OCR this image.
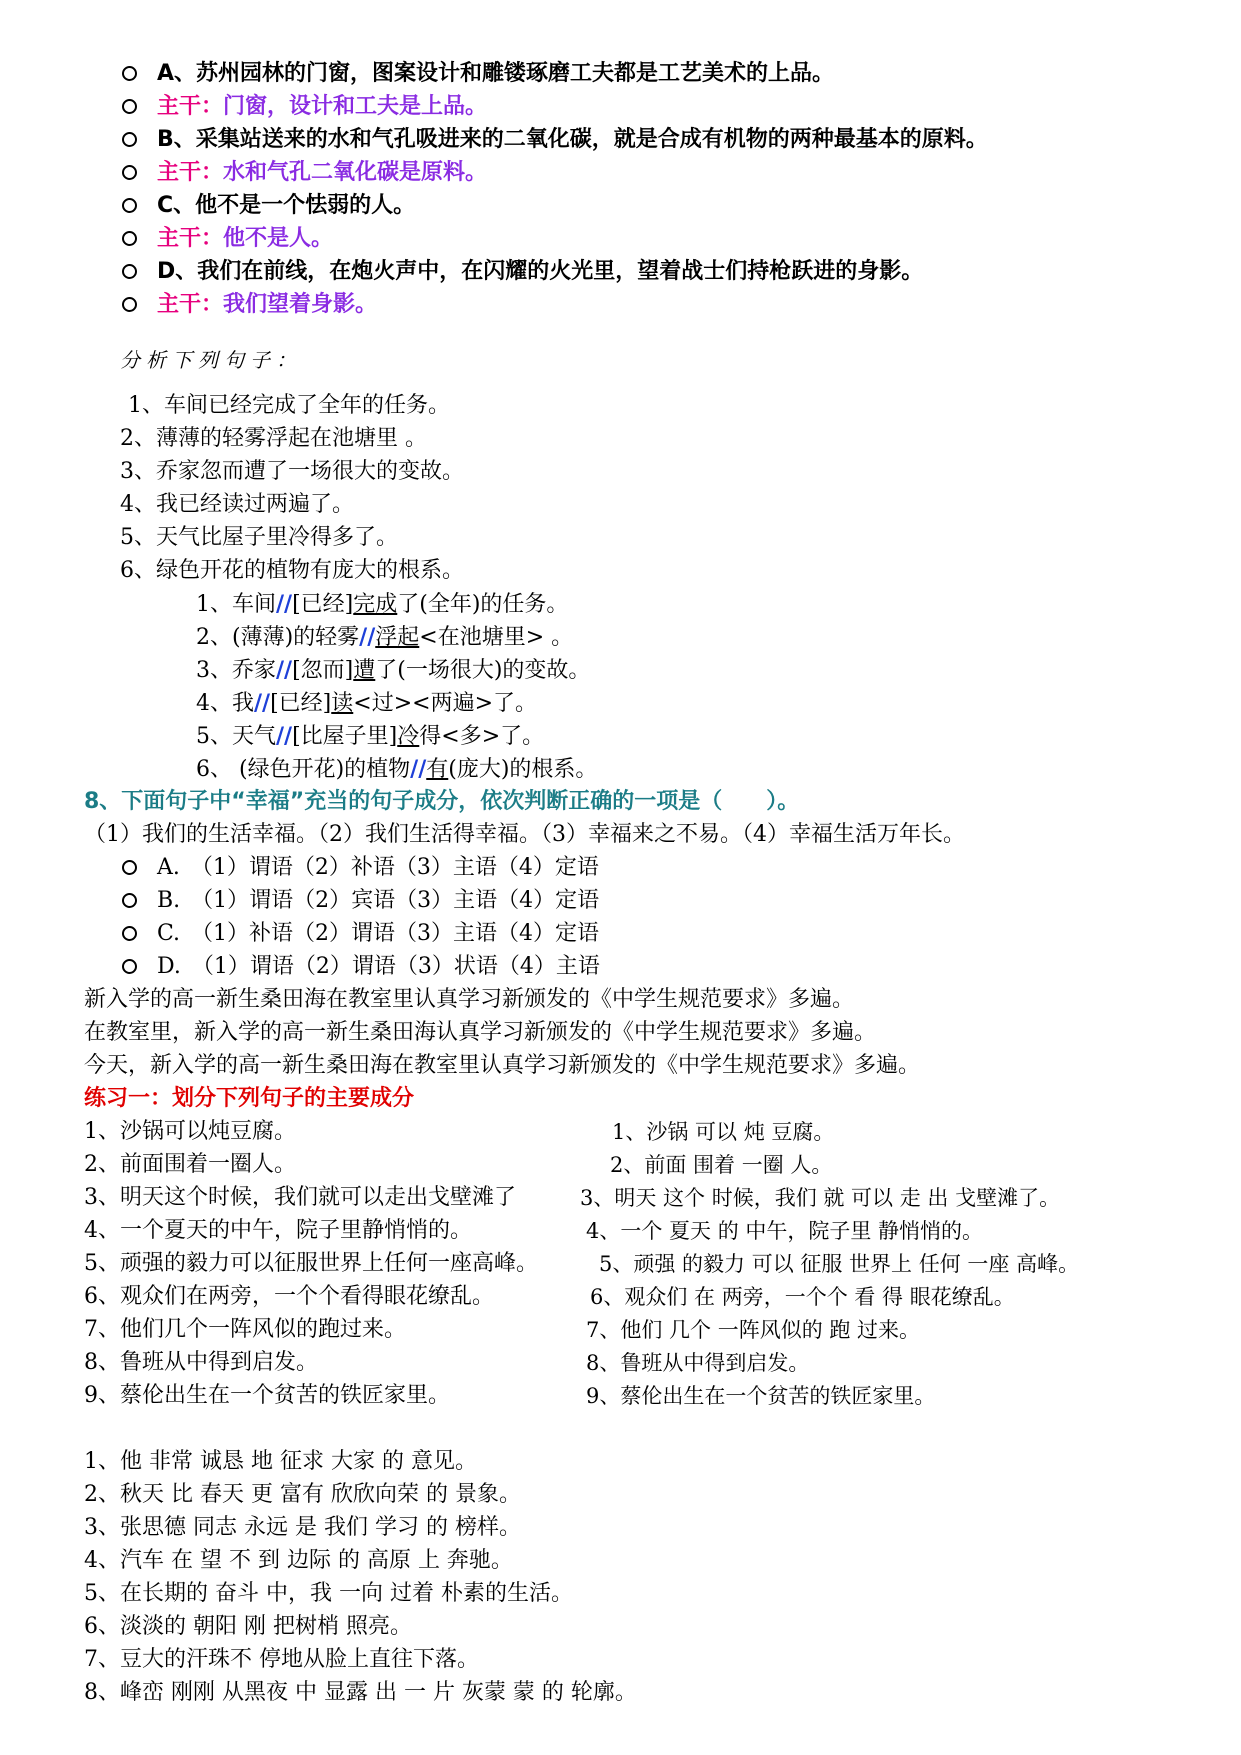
A、苏州园林的门窗，图案设计和雕镂琢磨工夫都是工艺美术的上品。
主干：门窗，设计和工夫是上品。
B、采集站送来的水和气孔吸进来的二氧化碳，就是合成有机物的两种最基本的原料。
主干：水和气孔二氧化碳是原料。
C、他不是一个怯弱的人。
主干：他不是人。
D、我们在前线，在炮火声中，在闪耀的火光里，望着战士们持枪跃进的身影。
主干：我们望着身影。
分析下列句子：
1、车间已经完成了全年的任务。
2、薄薄的轻雾浮起在池塘里 。
3、乔家忽而遭了一场很大的变故。
4、我已经读过两遍了。
5、天气比屋子里冷得多了。
6、绿色开花的植物有庞大的根系。
1、车间//[已经]完成了(全年)的任务。
2、(薄薄)的轻雾//浮起<在池塘里> 。
3、乔家//[忽而]遭了(一场很大)的变故。
4、我//[已经]读<过><两遍>了。
5、天气//[比屋子里]冷得<多>了。
6、 (绿色开花)的植物//有(庞大)的根系。
8、下面句子中“幸福”充当的句子成分，依次判断正确的一项是（　　）。
（1）我们的生活幸福。（2）我们生活得幸福。（3）幸福来之不易。（4）幸福生活万年长。
A.　（1）谓语（2）补语（3）主语（4）定语
B.　（1）谓语（2）宾语（3）主语（4）定语
C.　（1）补语（2）谓语（3）主语（4）定语
D.　（1）谓语（2）谓语（3）状语（4）主语
新入学的高一新生桑田海在教室里认真学习新颁发的《中学生规范要求》多遍。
在教室里，新入学的高一新生桑田海认真学习新颁发的《中学生规范要求》多遍。
今天，新入学的高一新生桑田海在教室里认真学习新颁发的《中学生规范要求》多遍。
练习一：划分下列句子的主要成分
1、沙锅可以炖豆腐。
2、前面围着一圈人。
3、明天这个时候，我们就可以走出戈壁滩了
4、一个夏天的中午，院子里静悄悄的。
5、顽强的毅力可以征服世界上任何一座高峰。
6、观众们在两旁，一个个看得眼花缭乱。
7、他们几个一阵风似的跑过来。
8、鲁班从中得到启发。
9、蔡伦出生在一个贫苦的铁匠家里。
1、沙锅 可以 炖 豆腐。
2、前面 围着 一圈 人。
3、明天 这个 时候，我们 就 可以 走 出 戈壁滩了。
4、一个 夏天 的 中午，院子里 静悄悄的。
5、顽强 的毅力 可以 征服 世界上 任何 一座 高峰。
6、观众们 在 两旁，一个个 看 得 眼花缭乱。
7、他们 几个 一阵风似的 跑 过来。
8、鲁班从中得到启发。
9、蔡伦出生在一个贫苦的铁匠家里。
1、他 非常 诚恳 地 征求 大家 的 意见。
2、秋天 比 春天 更 富有 欣欣向荣 的 景象。
3、张思德 同志 永远 是 我们 学习 的 榜样。
4、汽车 在 望 不 到 边际 的 高原 上 奔驰。
5、在长期的 奋斗 中，我 一向 过着 朴素的生活。
6、淡淡的 朝阳 刚 把树梢 照亮。
7、豆大的汗珠不 停地从脸上直往下落。
8、峰峦 刚刚 从黑夜 中 显露 出 一 片 灰蒙 蒙 的 轮廓。
